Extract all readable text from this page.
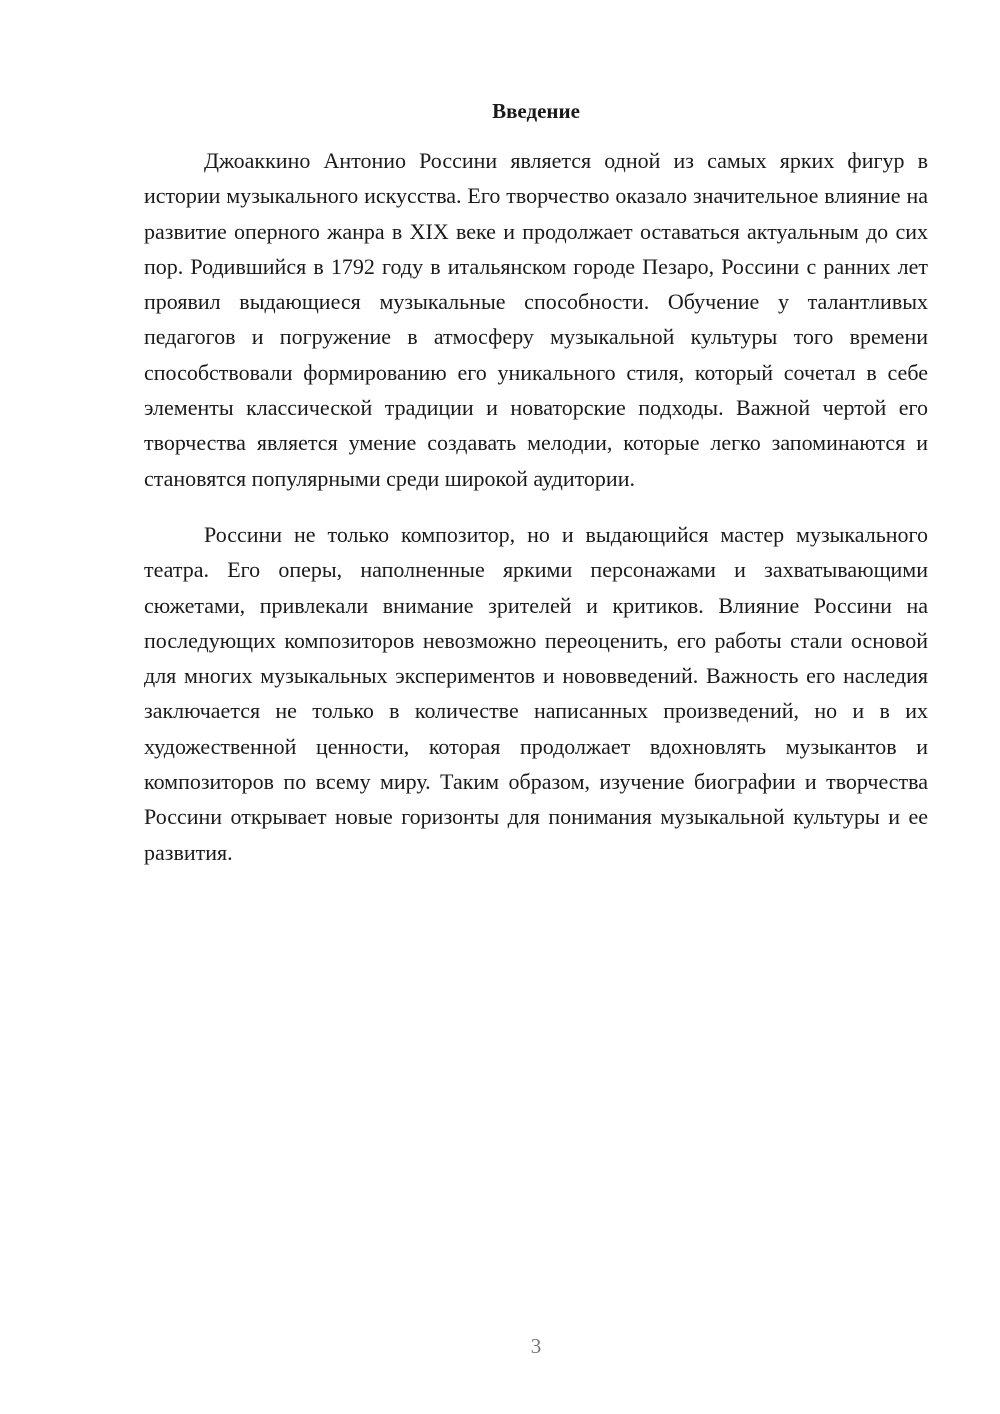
Введение

Джоаккино Антонио Россини является одной из самых ярких фигур в истории музыкального искусства. Его творчество оказало значительное влияние на развитие оперного жанра в XIX веке и продолжает оставаться актуальным до сих пор. Родившийся в 1792 году в итальянском городе Пезаро, Россини с ранних лет проявил выдающиеся музыкальные способности. Обучение у талантливых педагогов и погружение в атмосферу музыкальной культуры того времени способствовали формированию его уникального стиля, который сочетал в себе элементы классической традиции и новаторские подходы. Важной чертой его творчества является умение создавать мелодии, которые легко запоминаются и становятся популярными среди широкой аудитории.

Россини не только композитор, но и выдающийся мастер музыкального театра. Его оперы, наполненные яркими персонажами и захватывающими сюжетами, привлекали внимание зрителей и критиков. Влияние Россини на последующих композиторов невозможно переоценить, его работы стали основой для многих музыкальных экспериментов и нововведений. Важность его наследия заключается не только в количестве написанных произведений, но и в их художественной ценности, которая продолжает вдохновлять музыкантов и композиторов по всему миру. Таким образом, изучение биографии и творчества Россини открывает новые горизонты для понимания музыкальной культуры и ее развития.

3
